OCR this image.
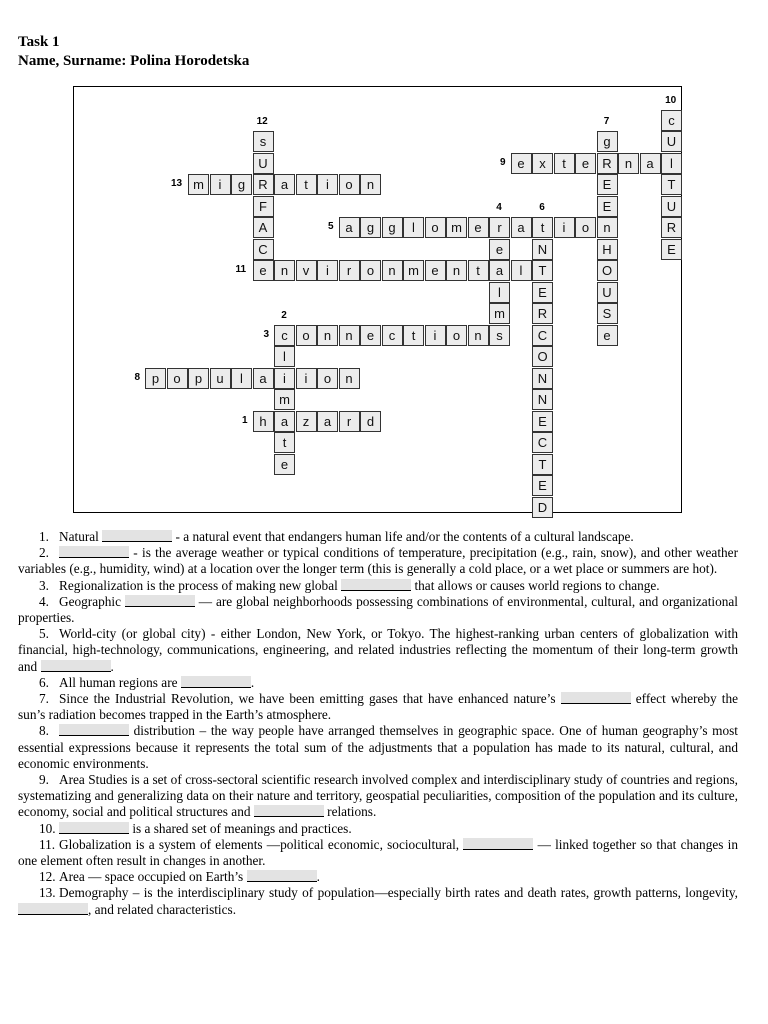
Task 1
Name, Surname: Polina Horodetska
h	a	z	a	r	d
1
c
l
i
m
t
e
2
o	n	n	e	c	t	i	o	n	s
3
r
e
a
l
m
4
a	g	g	l	o m e	a	t	i	o	n
5
N
T
E
R
C
O
N
N
E
C
T
E
D
6
g
R
E
E
H
O
U
S
e
7
p	o	p	u	l	a	i	o	n
8
e	x	t	e	n	a	l
9
c
U
T
U
R
E
10
e	n	v	i	r	o	n m e	n	t	l
11
s
U
R
F
A
C
12
m	i	g	a	t	i	o	n
13

1. Natural	- a natural event that endangers human life and/or the contents of a cultural landscape.

2.	- is the average weather or typical conditions of temperature, precipitation (e.g., rain, snow), and other weather variables (e.g., humidity, wind) at a location over the longer term (this is generally a cold place, or a wet place or summers are hot).

3. Regionalization is the process of making new global	that allows or causes world regions to change.

4. Geographic	— are global neighborhoods possessing combinations of environmental, cultural, and organizational properties.

5. World-city (or global city) - either London, New York, or Tokyo. The highest-ranking urban centers of globalization with financial, high-technology, communications, engineering, and related industries reflecting the momentum of their long-term growth and	.

6. All human regions are	.

7. Since the Industrial Revolution, we have been emitting gases that have enhanced nature’s	effect whereby the sun’s radiation becomes trapped in the Earth’s atmosphere.

8.	distribution – the way people have arranged themselves in geographic space. One of human geography’s most essential expressions because it represents the total sum of the adjustments that a population has made to its natural, cultural, and economic environments.

9. Area Studies is a set of cross-sectoral scientific research involved complex and interdisciplinary study of countries and regions, systematizing and generalizing data on their nature and territory, geospatial peculiarities, composition of the population and its culture, economy, social and political structures and	relations.

10.	is a shared set of meanings and practices.

11. Globalization is a system of elements —political economic, sociocultural,	— linked together so that changes in one element often result in changes in another.

12. Area — space occupied on Earth’s	.

13. Demography – is the interdisciplinary study of population—especially birth rates and death rates, growth patterns, longevity, , and related characteristics.
